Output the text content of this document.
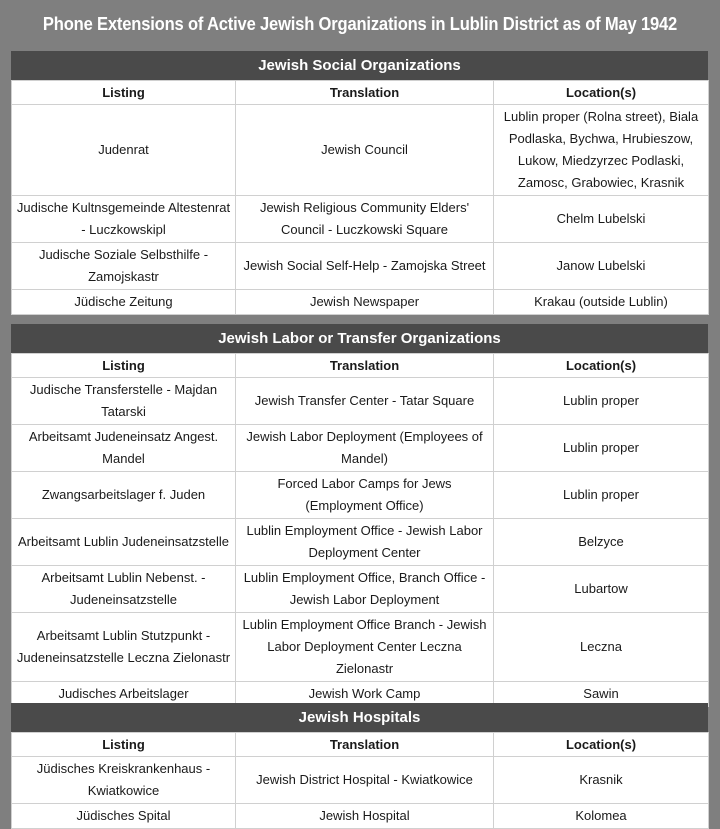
Phone Extensions of Active Jewish Organizations in Lublin District as of May 1942
Jewish Social Organizations
Listing	Translation	Location(s)
Judenrat	Jewish Council	Lublin proper (Rolna street), Biala Podlaska, Bychwa, Hrubieszow, Lukow, Miedzyrzec Podlaski, Zamosc, Grabowiec, Krasnik
Judische Kultnsgemeinde Altestenrat - Luczkowskipl	Jewish Religious Community Elders' Council - Luczkowski Square	Chelm Lubelski
Judische Soziale Selbsthilfe - Zamojskastr	Jewish Social Self-Help - Zamojska Street	Janow Lubelski
Jüdische Zeitung	Jewish Newspaper	Krakau (outside Lublin)
Jewish Labor or Transfer Organizations
Listing	Translation	Location(s)
Judische Transferstelle - Majdan Tatarski	Jewish Transfer Center - Tatar Square	Lublin proper
Arbeitsamt Judeneinsatz Angest. Mandel	Jewish Labor Deployment (Employees of Mandel)	Lublin proper
Zwangsarbeitslager f. Juden	Forced Labor Camps for Jews (Employment Office)	Lublin proper
Arbeitsamt Lublin Judeneinsatzstelle	Lublin Employment Office - Jewish Labor Deployment Center	Belzyce
Arbeitsamt Lublin Nebenst. - Judeneinsatzstelle	Lublin Employment Office, Branch Office - Jewish Labor Deployment	Lubartow
Arbeitsamt Lublin Stutzpunkt - Judeneinsatzstelle Leczna Zielonastr	Lublin Employment Office Branch - Jewish Labor Deployment Center Leczna Zielonastr	Leczna
Judisches Arbeitslager	Jewish Work Camp	Sawin
Jewish Hospitals
Listing	Translation	Location(s)
Jüdisches Kreiskrankenhaus - Kwiatkowice	Jewish District Hospital - Kwiatkowice	Krasnik
Jüdisches Spital	Jewish Hospital	Kolomea
